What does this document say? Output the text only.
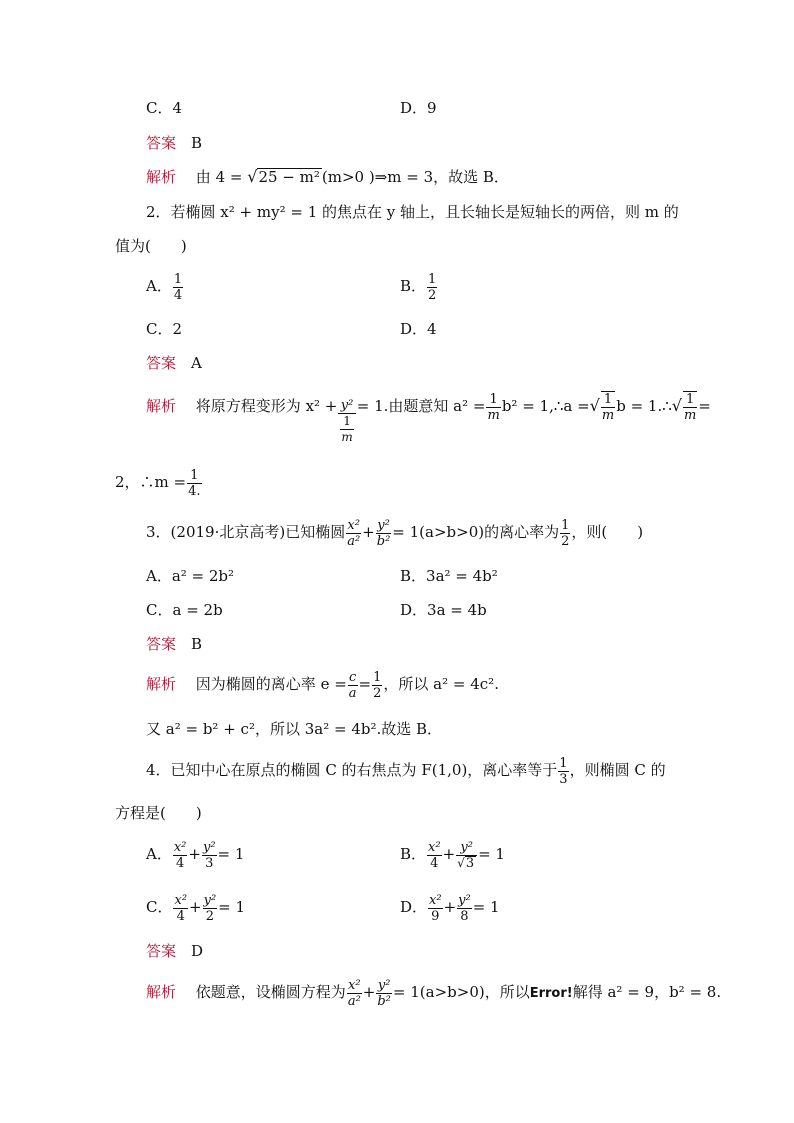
C．4	D．9
答案　 B
解析　 由 4 = √25 − m² (m>0 )⇒m = 3，故选 B．
2．若椭圆 x² + my² = 1 的焦点在 y 轴上，且长轴长是短轴长的两倍，则 m 的
值为(　　)
A． $\frac{1}{4}$	B． $\frac{1}{2}$
C．2	D．4
答案　 A
解析　 将原方程变形为 $x^2 + \frac{\text{y²}}{\frac{1}{m}} = 1$.由题意知 $a^2 = \frac{1}{m} b^2$ = 1,∴a =√ $\frac{1}{m}$ b = 1.∴√ $\frac{1}{m}$ =
2，∴m = $\frac{1}{4.}$
3．(2019·北京高考)已知椭圆 $\frac{\text{x²}}{\text{a²}} + \frac{\text{y²}}{\text{b²}} = 1(a>b>0)$的离心率为 $\frac{1}{2}$ ，则(　　)
A．a² = 2b²	B．3a² = 4b²
C．a = 2b	D．3a = 4b
答案　 B
解析　 因为椭圆的离心率 $e = \frac{c}{a} = \frac{1}{2}$ ，所以 a² = 4c².
又 a² = b² + c²，所以 3a² = 4b².故选 B．
4．已知中心在原点的椭圆 C 的右焦点为 F(1,0)，离心率等于 $\frac{1}{3}$ ，则椭圆 C 的
方程是(　　)
A． $\frac{\text{x²}}{4} + \frac{\text{y²}}{3} = 1$	B． $\frac{\text{x²}}{4} + \frac{\text{y²}}{√3} = 1$
C． $\frac{\text{x²}}{4} + \frac{\text{y²}}{2} = 1$	D． $\frac{\text{x²}}{9} + \frac{\text{y²}}{8} = 1$
答案　 D
解析　 依题意，设椭圆方程为 $\frac{\text{x²}}{\text{a²}} + \frac{\text{y²}}{\text{b²}} = 1(a>b>0)$，所以Error!解得 a² = 9，b² = 8.
